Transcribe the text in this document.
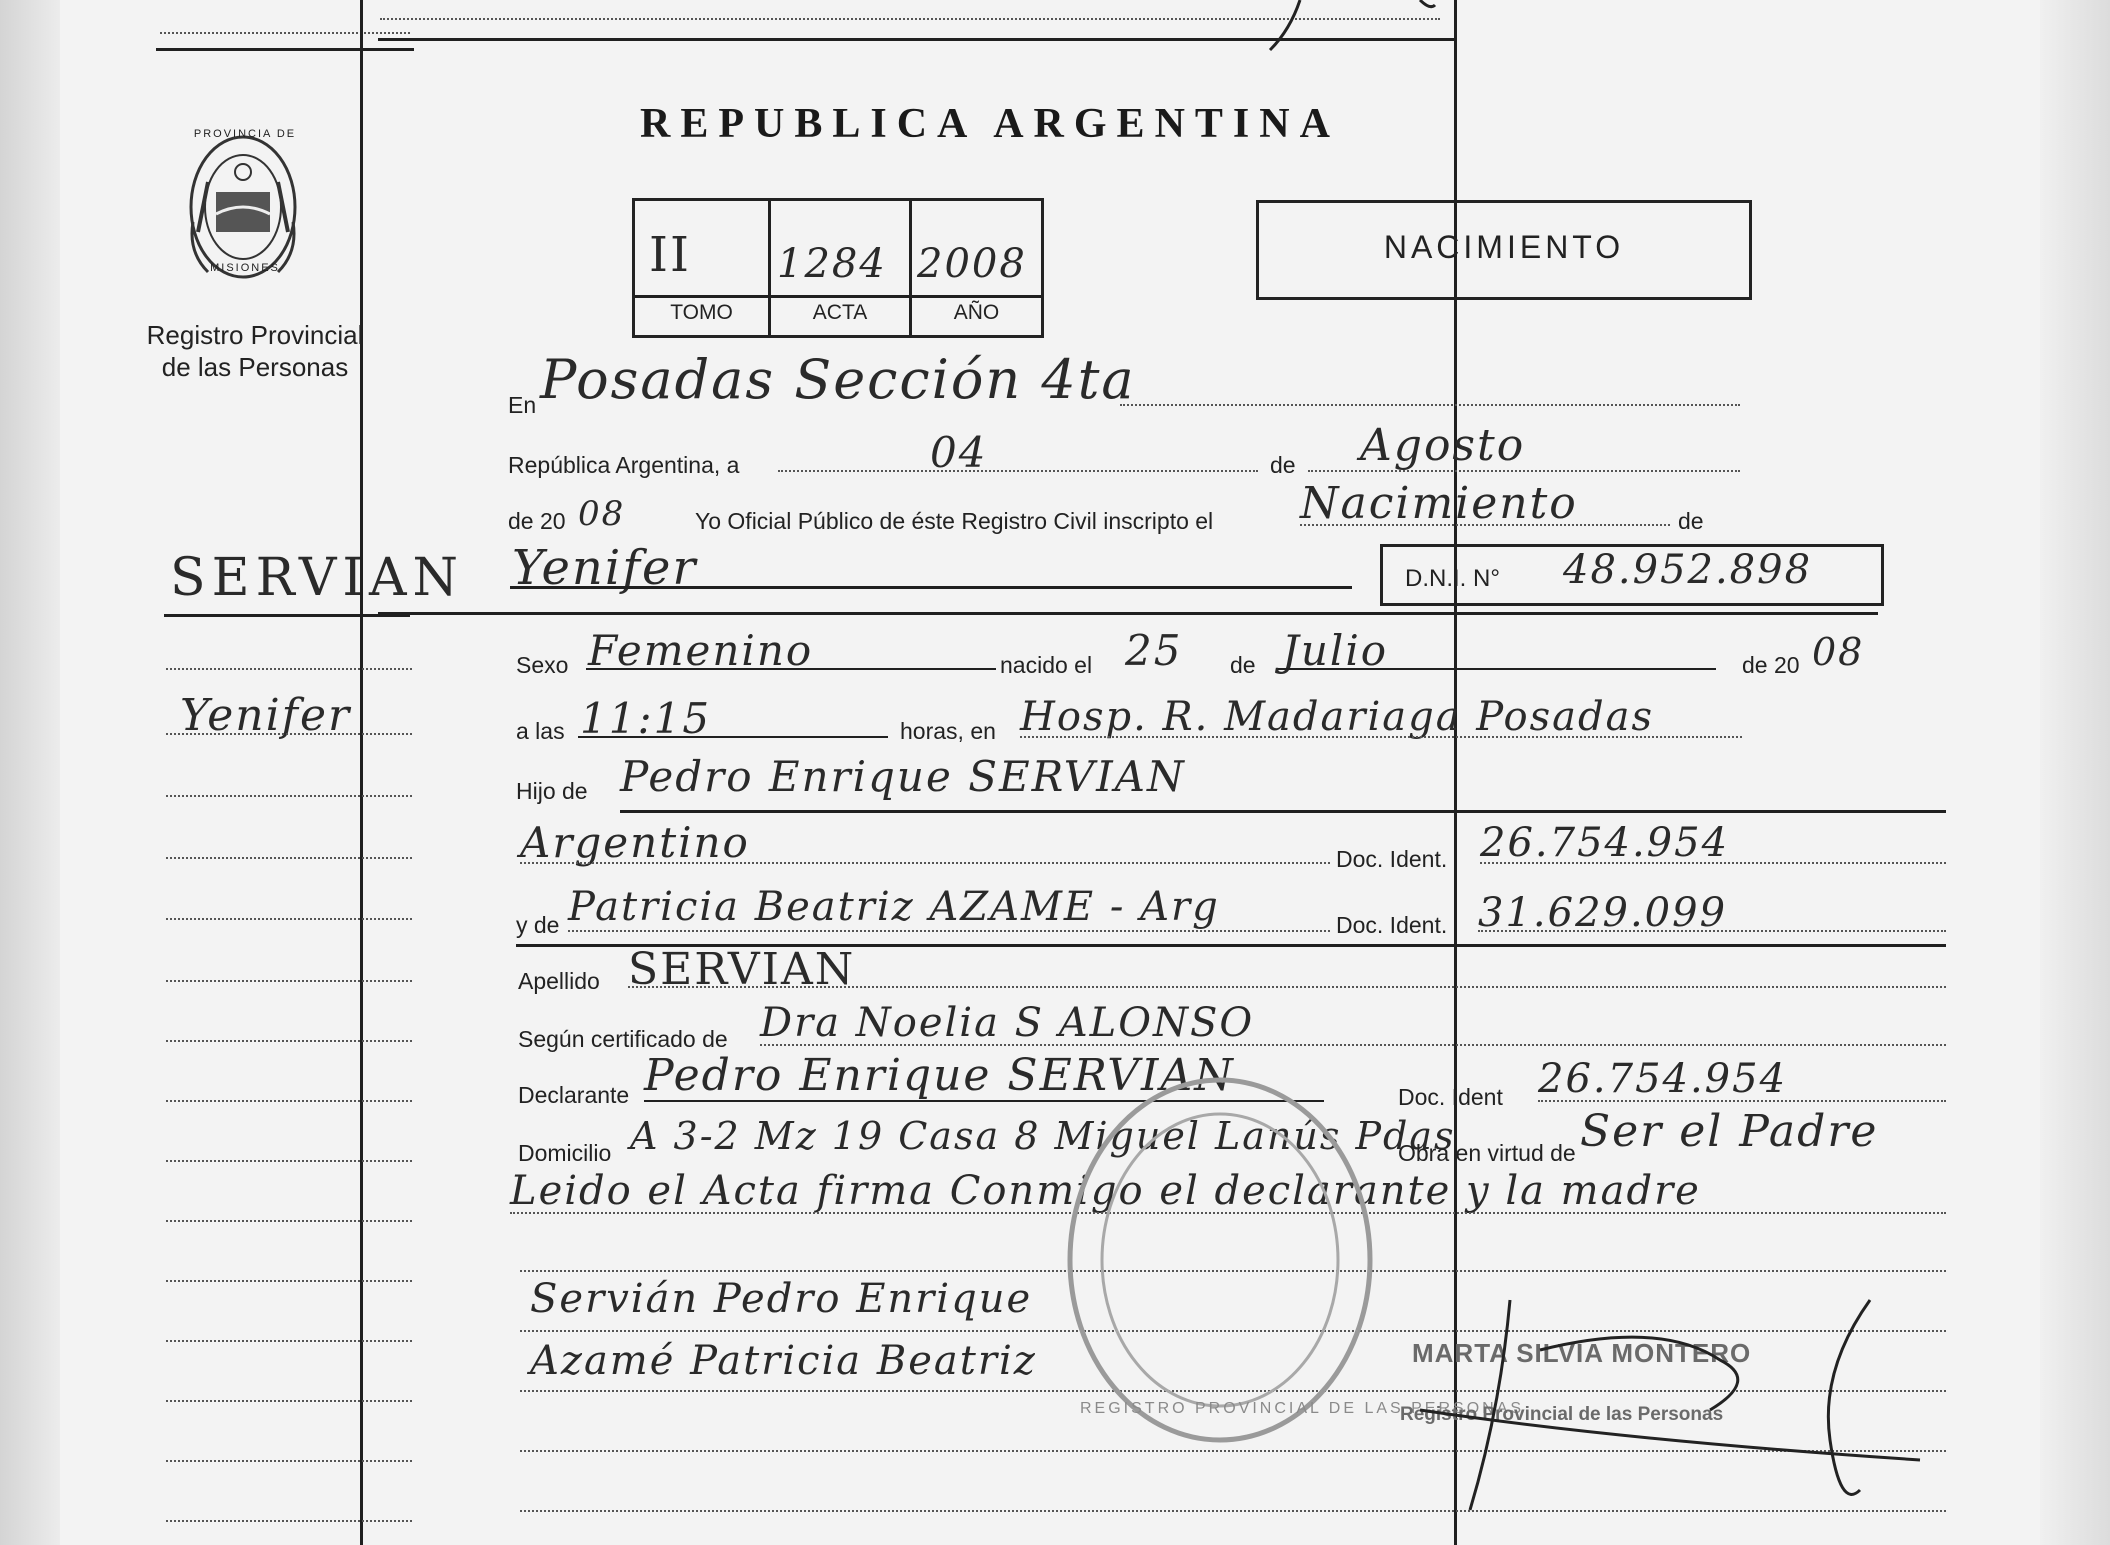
PROVINCIA DE
MISIONES
Registro Provincial
de las Personas
SERVIAN
Yenifer
REPUBLICA ARGENTINA
II 1284 2008
TOMO	ACTA	AÑO
NACIMIENTO
En Posadas Sección 4ta
República Argentina, a	04	de Agosto
de 20 08	Yo Oficial Público de éste Registro Civil inscripto el Nacimiento	de
Yenifer	D.N.I. N° 48.952.898
Sexo Femenino	nacido el 25 de Julio	de 20 08
a las 11:15	horas, en Hosp. R. Madariaga Posadas
Hijo de Pedro Enrique SERVIAN
Argentino	Doc. Ident. 26.754.954
y de Patricia Beatriz AZAME - Arg	Doc. Ident. 31.629.099
Apellido SERVIAN
Según certificado de Dra Noelia S ALONSO
Declarante Pedro Enrique SERVIAN	Doc. Ident 26.754.954
Domicilio A 3-2 Mz 19 Casa 8 Miguel Lanús Pdas
Obra en virtud de Ser el Padre
Leido el Acta firma Conmigo el declarante y la madre
Servián Pedro Enrique
Azamé Patricia Beatriz
REGISTRO PROVINCIAL DE LAS PERSONAS
MARTA SILVIA MONTERO
Registro Provincial de las Personas
